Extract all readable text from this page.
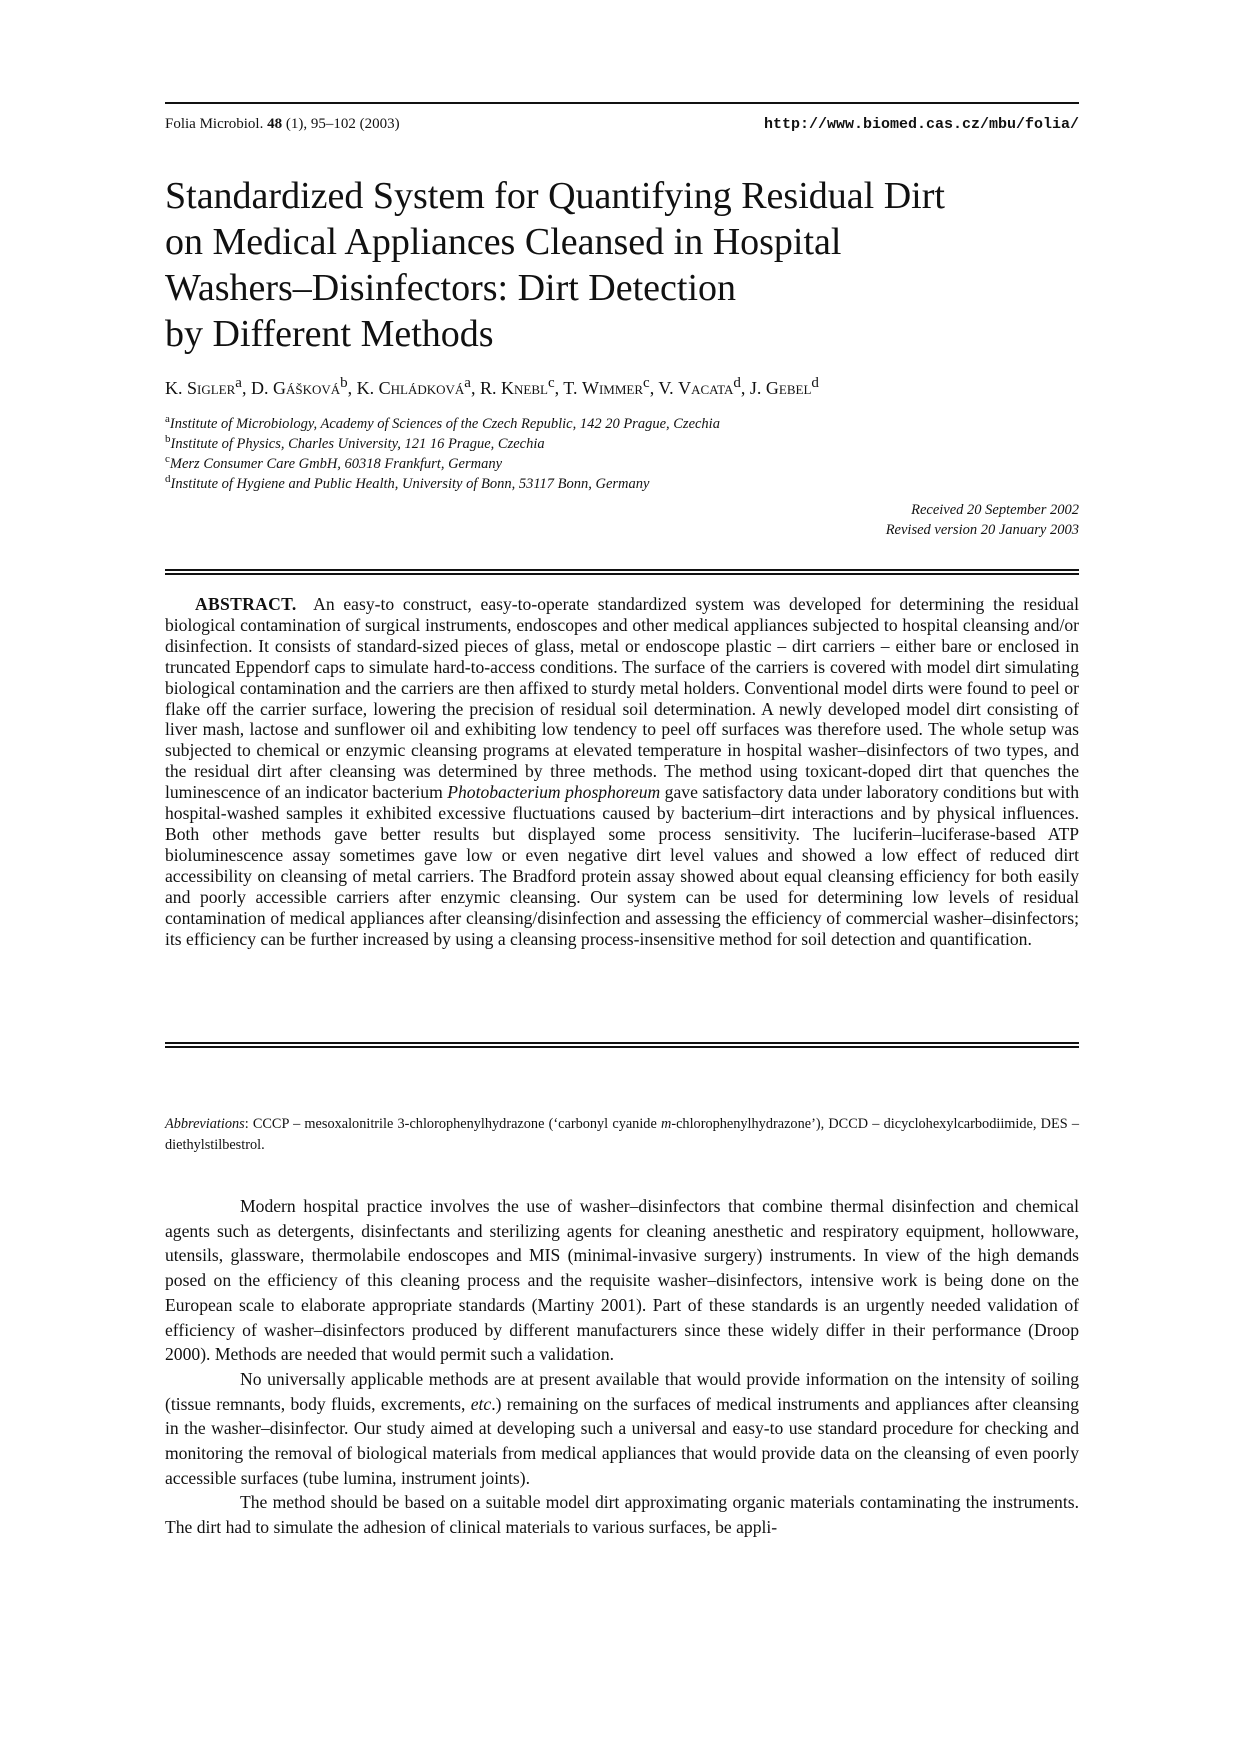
Folia Microbiol. 48 (1), 95–102 (2003)	http://www.biomed.cas.cz/mbu/folia/
Standardized System for Quantifying Residual Dirt
on Medical Appliances Cleansed in Hospital
Washers–Disinfectors: Dirt Detection
by Different Methods
K. Sigler$^a$, D. Gášková$^b$, K. Chládková$^a$, R. Knebl$^c$, T. Wimmer$^c$, V. Vacata$^d$, J. Gebel$^d$
$^a$Institute of Microbiology, Academy of Sciences of the Czech Republic, 142 20 Prague, Czechia
$^b$Institute of Physics, Charles University, 121 16 Prague, Czechia
$^c$Merz Consumer Care GmbH, 60318 Frankfurt, Germany
$^d$Institute of Hygiene and Public Health, University of Bonn, 53117 Bonn, Germany
Received 20 September 2002
Revised version 20 January 2003

ABSTRACT. An easy-to construct, easy-to-operate standardized system was developed for determining the residual biological contamination of surgical instruments, endoscopes and other medical appliances subjected to hospital cleansing and/or disinfection. It consists of standard-sized pieces of glass, metal or endoscope plastic – dirt carriers – either bare or enclosed in truncated Eppendorf caps to simulate hard-to-access conditions. The surface of the carriers is covered with model dirt simulating biological contamination and the carriers are then affixed to sturdy metal holders. Conventional model dirts were found to peel or flake off the carrier surface, lowering the precision of residual soil determination. A newly developed model dirt consisting of liver mash, lactose and sunflower oil and exhibiting low tendency to peel off surfaces was therefore used. The whole setup was subjected to chemical or enzymic cleansing programs at elevated temperature in hospital washer–disinfectors of two types, and the residual dirt after cleansing was determined by three methods. The method using toxicant-doped dirt that quenches the luminescence of an indicator bacterium Photobacterium phosphoreum gave satisfactory data under laboratory conditions but with hospital-washed samples it exhibited excessive fluctuations caused by bacterium–dirt interactions and by physical influences. Both other methods gave better results but displayed some process sensitivity. The luciferin–luciferase-based ATP bioluminescence assay sometimes gave low or even negative dirt level values and showed a low effect of reduced dirt accessibility on cleansing of metal carriers. The Bradford protein assay showed about equal cleansing efficiency for both easily and poorly accessible carriers after enzymic cleansing. Our system can be used for determining low levels of residual contamination of medical appliances after cleansing/disinfection and assessing the efficiency of commercial washer–disinfectors; its efficiency can be further increased by using a cleansing process-insensitive method for soil detection and quantification.

Abbreviations: CCCP – mesoxalonitrile 3-chlorophenylhydrazone (‘carbonyl cyanide m-chlorophenylhydrazone’), DCCD – dicyclohexylcarbodiimide, DES – diethylstilbestrol.

Modern hospital practice involves the use of washer–disinfectors that combine thermal disinfection and chemical agents such as detergents, disinfectants and sterilizing agents for cleaning anesthetic and respiratory equipment, hollowware, utensils, glassware, thermolabile endoscopes and MIS (minimal-invasive surgery) instruments. In view of the high demands posed on the efficiency of this cleaning process and the requisite washer–disinfectors, intensive work is being done on the European scale to elaborate appropriate standards (Martiny 2001). Part of these standards is an urgently needed validation of efficiency of washer–disinfectors produced by different manufacturers since these widely differ in their performance (Droop 2000). Methods are needed that would permit such a validation.

No universally applicable methods are at present available that would provide information on the intensity of soiling (tissue remnants, body fluids, excrements, etc.) remaining on the surfaces of medical instruments and appliances after cleansing in the washer–disinfector. Our study aimed at developing such a universal and easy-to use standard procedure for checking and monitoring the removal of biological materials from medical appliances that would provide data on the cleansing of even poorly accessible surfaces (tube lumina, instrument joints).

The method should be based on a suitable model dirt approximating organic materials contaminating the instruments. The dirt had to simulate the adhesion of clinical materials to various surfaces, be appli-
